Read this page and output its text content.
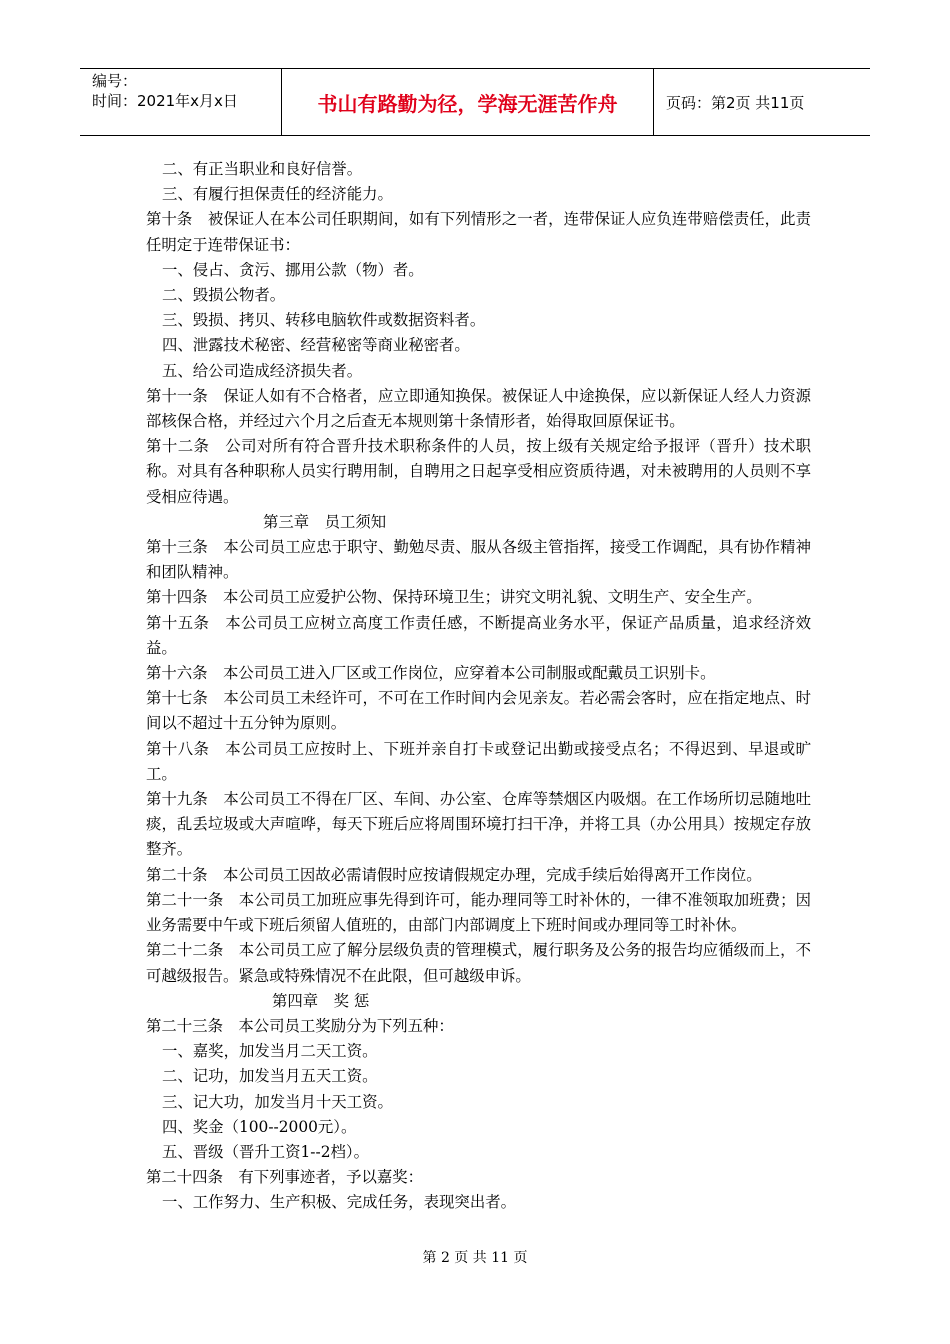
编号：
时间：2021年x月x日	书山有路勤为径，学海无涯苦作舟	页码：第2页 共11页

二、有正当职业和良好信誉。

三、有履行担保责任的经济能力。

第十条　被保证人在本公司任职期间，如有下列情形之一者，连带保证人应负连带赔偿责任，此责任明定于连带保证书：

一、侵占、贪污、挪用公款（物）者。

二、毁损公物者。

三、毁损、拷贝、转移电脑软件或数据资料者。

四、泄露技术秘密、经营秘密等商业秘密者。

五、给公司造成经济损失者。

第十一条　保证人如有不合格者，应立即通知换保。被保证人中途换保，应以新保证人经人力资源部核保合格，并经过六个月之后查无本规则第十条情形者，始得取回原保证书。

第十二条　公司对所有符合晋升技术职称条件的人员，按上级有关规定给予报评（晋升）技术职称。对具有各种职称人员实行聘用制，自聘用之日起享受相应资质待遇，对未被聘用的人员则不享受相应待遇。

第三章　员工须知

第十三条　本公司员工应忠于职守、勤勉尽责、服从各级主管指挥，接受工作调配，具有协作精神和团队精神。

第十四条　本公司员工应爱护公物、保持环境卫生；讲究文明礼貌、文明生产、安全生产。

第十五条　本公司员工应树立高度工作责任感，不断提高业务水平，保证产品质量，追求经济效益。

第十六条　本公司员工进入厂区或工作岗位，应穿着本公司制服或配戴员工识别卡。

第十七条　本公司员工未经许可，不可在工作时间内会见亲友。若必需会客时，应在指定地点、时间以不超过十五分钟为原则。

第十八条　本公司员工应按时上、下班并亲自打卡或登记出勤或接受点名；不得迟到、早退或旷工。

第十九条　本公司员工不得在厂区、车间、办公室、仓库等禁烟区内吸烟。在工作场所切忌随地吐痰，乱丢垃圾或大声喧哗，每天下班后应将周围环境打扫干净，并将工具（办公用具）按规定存放整齐。

第二十条　本公司员工因故必需请假时应按请假规定办理，完成手续后始得离开工作岗位。

第二十一条　本公司员工加班应事先得到许可，能办理同等工时补休的，一律不准领取加班费；因业务需要中午或下班后须留人值班的，由部门内部调度上下班时间或办理同等工时补休。

第二十二条　本公司员工应了解分层级负责的管理模式，履行职务及公务的报告均应循级而上，不可越级报告。紧急或特殊情况不在此限，但可越级申诉。

第四章　奖 惩

第二十三条　本公司员工奖励分为下列五种：

一、嘉奖，加发当月二天工资。

二、记功，加发当月五天工资。

三、记大功，加发当月十天工资。

四、奖金（100--2000元）。

五、晋级（晋升工资1--2档）。

第二十四条　有下列事迹者，予以嘉奖：

一、工作努力、生产积极、完成任务，表现突出者。

第 2 页 共 11 页
